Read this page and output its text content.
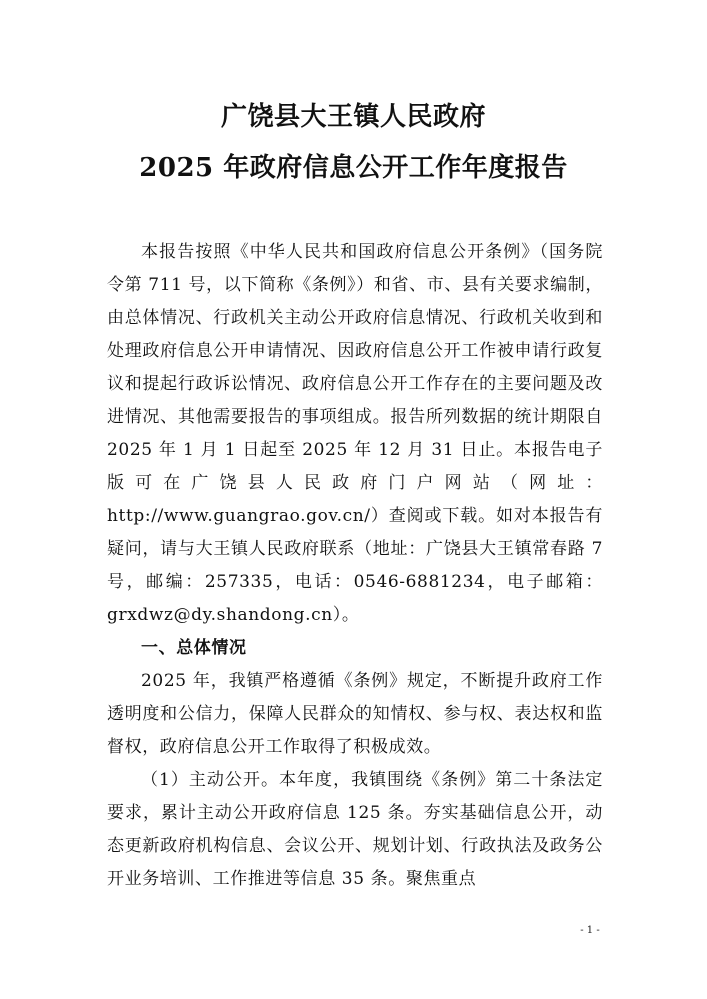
广饶县大王镇人民政府
2025 年政府信息公开工作年度报告

本报告按照《中华人民共和国政府信息公开条例》（国务院令第 711 号，以下简称《条例》）和省、市、县有关要求编制，由总体情况、行政机关主动公开政府信息情况、行政机关收到和处理政府信息公开申请情况、因政府信息公开工作被申请行政复议和提起行政诉讼情况、政府信息公开工作存在的主要问题及改进情况、其他需要报告的事项组成。报告所列数据的统计期限自 2025 年 1 月 1 日起至 2025 年 12 月 31 日止。本报告电子版可在广饶县人民政府门户网站（网址：http://www.guangrao.gov.cn/）查阅或下载。如对本报告有疑问，请与大王镇人民政府联系（地址：广饶县大王镇常春路 7 号，邮编：257335，电话：0546-6881234，电子邮箱：grxdwz@dy.shandong.cn）。

一、总体情况

2025 年，我镇严格遵循《条例》规定，不断提升政府工作透明度和公信力，保障人民群众的知情权、参与权、表达权和监督权，政府信息公开工作取得了积极成效。

（1）主动公开。本年度，我镇围绕《条例》第二十条法定要求，累计主动公开政府信息 125 条。夯实基础信息公开，动态更新政府机构信息、会议公开、规划计划、行政执法及政务公开业务培训、工作推进等信息 35 条。聚焦重点

- 1 -
